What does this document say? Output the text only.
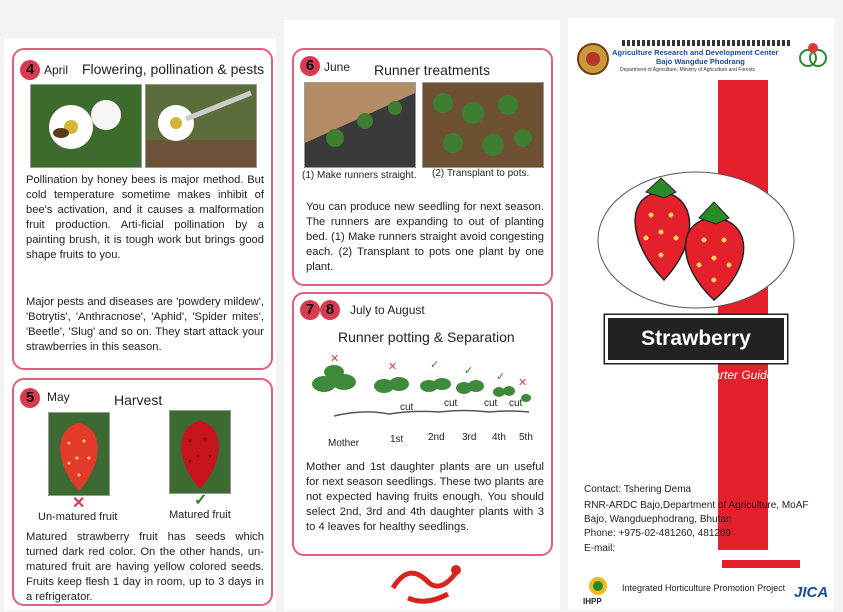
4 April Flowering, pollination & pests
Pollination by honey bees is major method. But cold temperature sometime makes inhibit of bee's activation, and it causes a malformation fruit production. Arti-ficial pollination by a painting brush, it is tough work but brings good shape fruits to you.
Major pests and diseases are 'powdery mildew', 'Botrytis', 'Anthracnose', 'Aphid', 'Spider mites', 'Beetle', 'Slug' and so on. They start attack your strawberries in this season.
5	May	Harvest
✕	✓
Un-matured fruit	Matured fruit
Matured strawberry fruit has seeds which turned dark red color. On the other hands, un-matured fruit are having yellow colored seeds. Fruits keep flesh 1 day in room, up to 3 days in a refrigerator.
6 June Runner treatments
(1) Make runners straight. (2) Transplant to pots.
You can produce new seedling for next season. The runners are expanding to out of planting bed. (1) Make runners straight avoid congesting each. (2) Transplant to pots one plant by one plant.
7 8	July to August
Runner potting & Separation
✕
✕
✕
✓ ✓ ✓
cut	cut	cut cut
Mother	1st 2nd 3rd 4th 5th
Mother and 1st daughter plants are un useful for next season seedlings. These two plants are not expected having fruits enough. You should select 2nd, 3rd and 4th daughter plants with 3 to 4 leaves for healthy seedlings.
Agriculture Research and Development Center
Bajo Wangdue Phodrang
Department of Agriculture, Ministry of Agriculture and Forests
Strawberry
Starter Guide
Contact: Tshering Dema
RNR-ARDC Bajo,Department of Agriculture, MoAF
Bajo, Wangduephodrang, Bhutan
Phone: +975-02-481260, 481209
E-mail:
IHPP
Integrated Horticulture Promotion Project JICA
